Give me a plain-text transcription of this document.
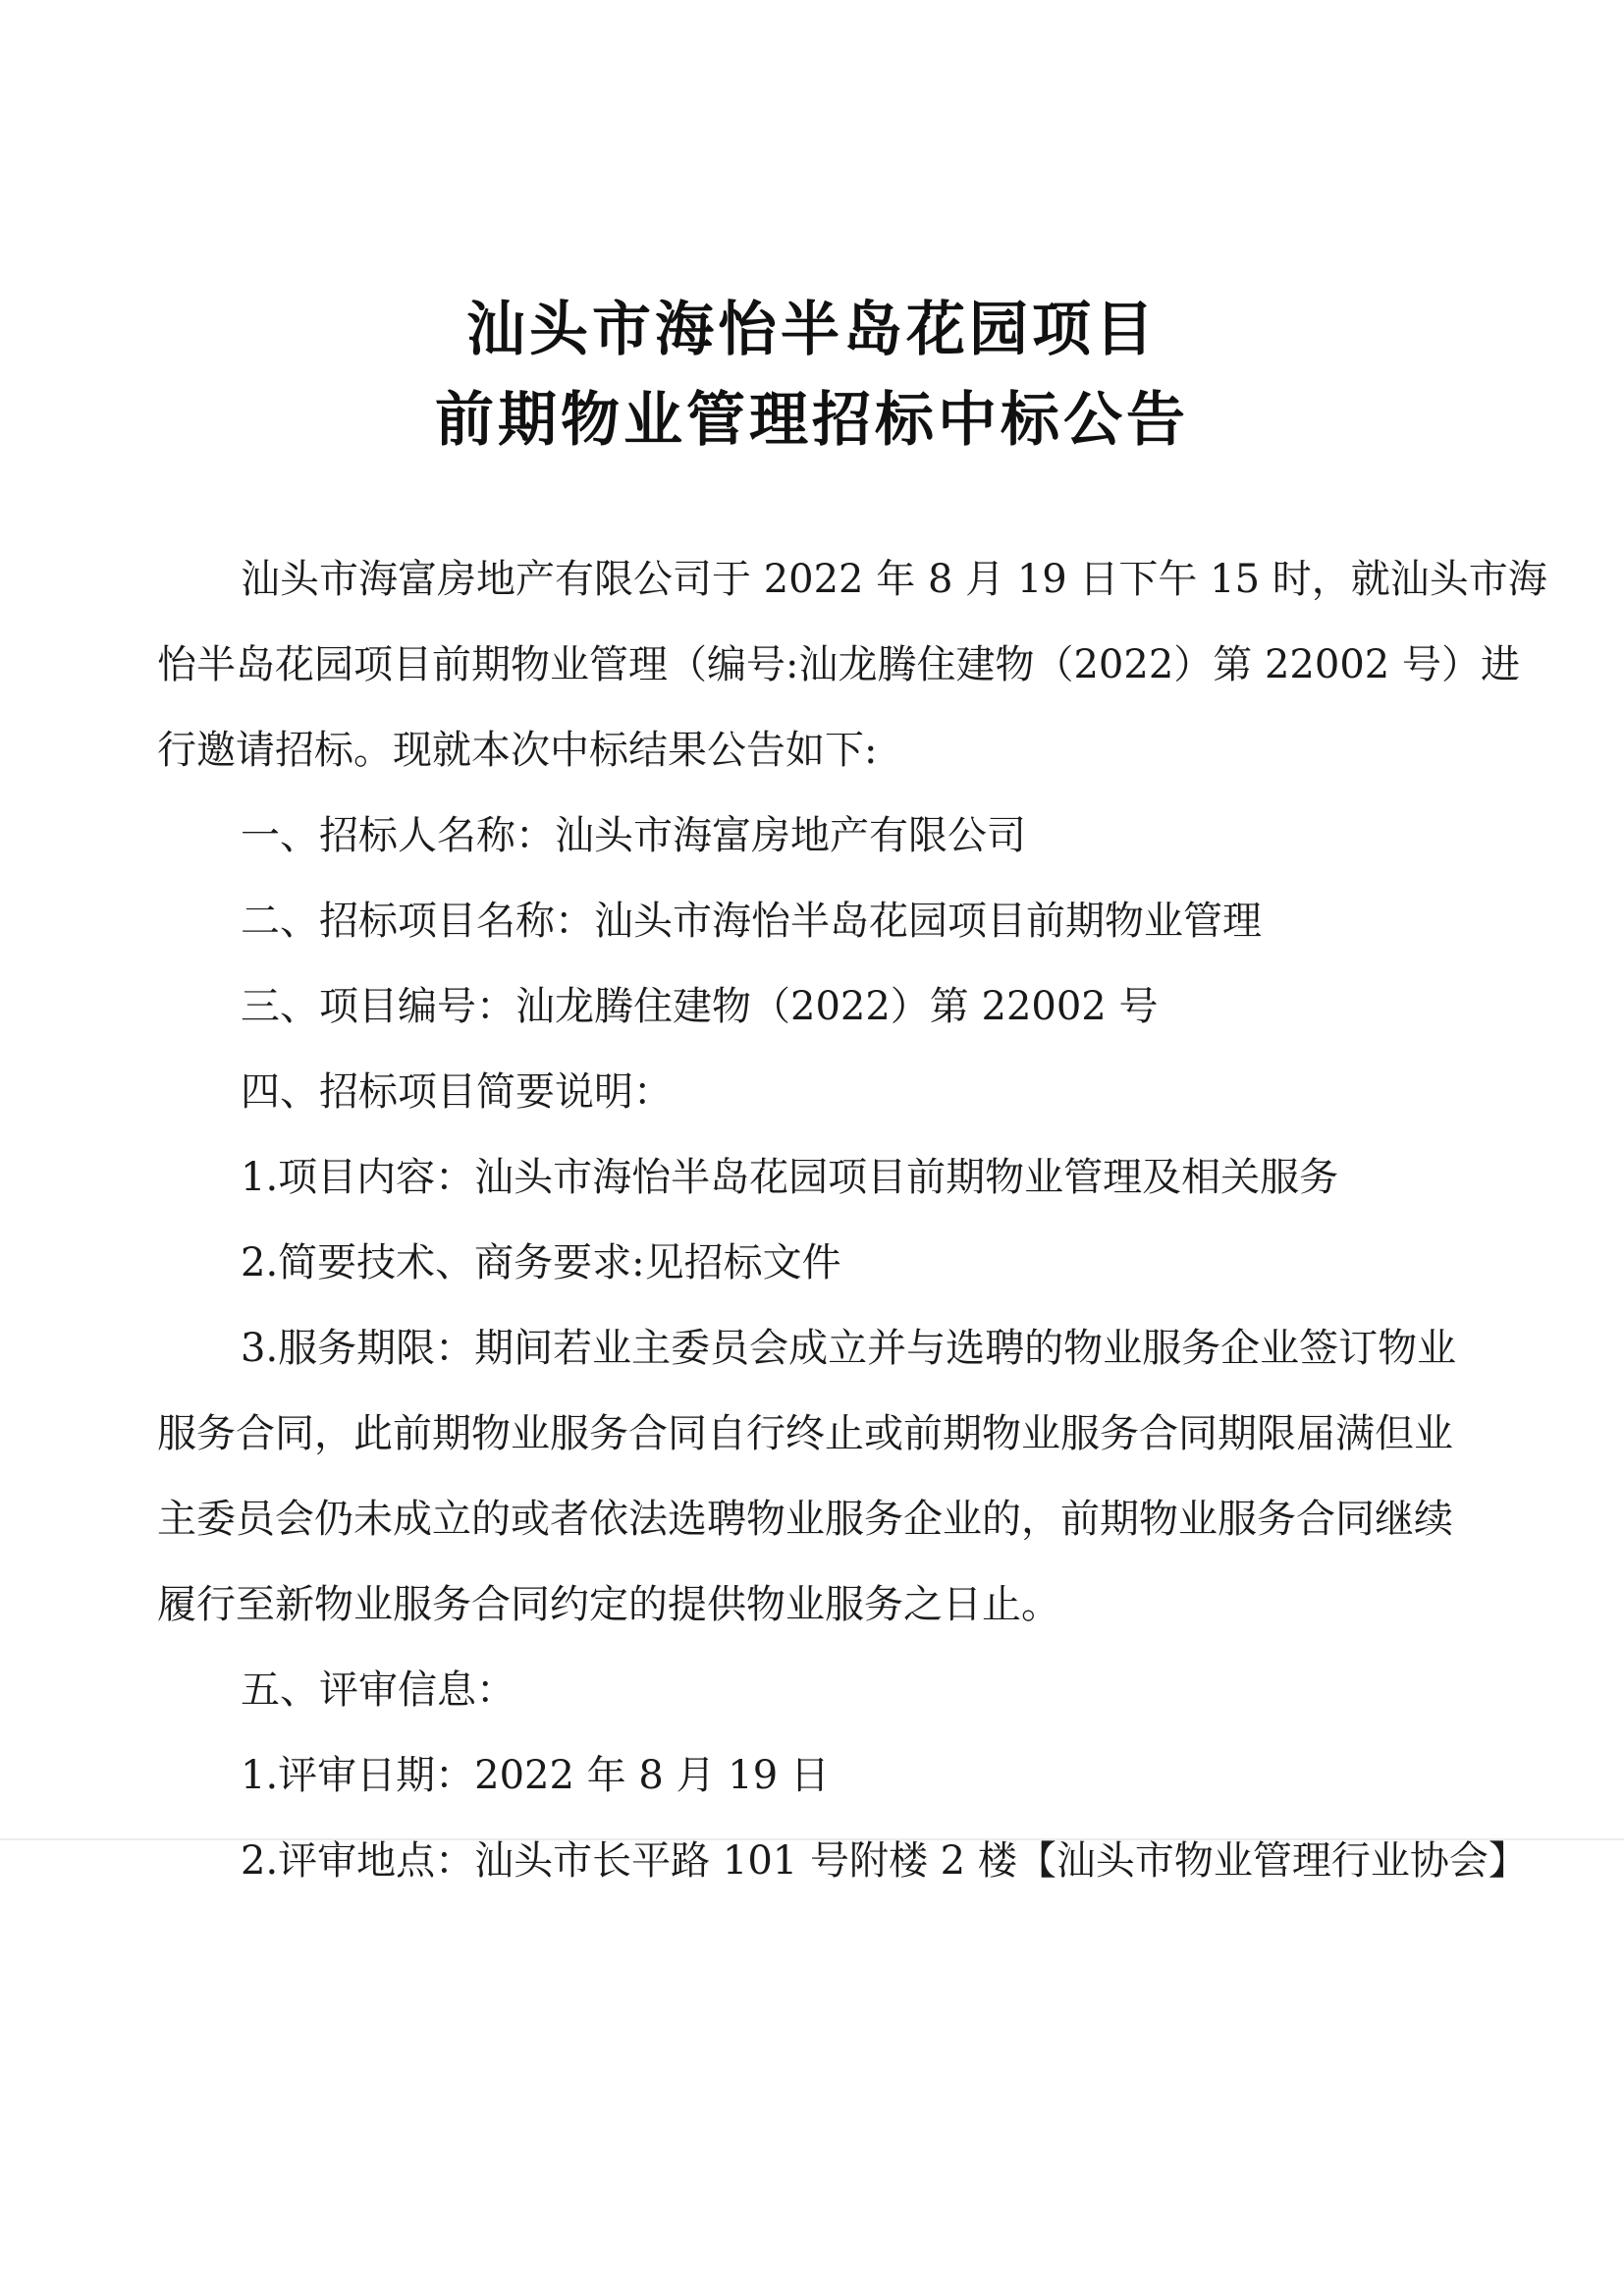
汕头市海怡半岛花园项目
前期物业管理招标中标公告

汕头市海富房地产有限公司于 2022 年 8 月 19 日下午 15 时，就汕头市海

怡半岛花园项目前期物业管理（编号:汕龙腾住建物（2022）第 22002 号）进

行邀请招标。现就本次中标结果公告如下:

一、招标人名称：汕头市海富房地产有限公司

二、招标项目名称：汕头市海怡半岛花园项目前期物业管理

三、项目编号：汕龙腾住建物（2022）第 22002 号

四、招标项目简要说明：

1.项目内容：汕头市海怡半岛花园项目前期物业管理及相关服务

2.简要技术、商务要求:见招标文件

3.服务期限：期间若业主委员会成立并与选聘的物业服务企业签订物业

服务合同，此前期物业服务合同自行终止或前期物业服务合同期限届满但业

主委员会仍未成立的或者依法选聘物业服务企业的，前期物业服务合同继续

履行至新物业服务合同约定的提供物业服务之日止。

五、评审信息：

1.评审日期：2022 年 8 月 19 日

2.评审地点：汕头市长平路 101 号附楼 2 楼【汕头市物业管理行业协会】
